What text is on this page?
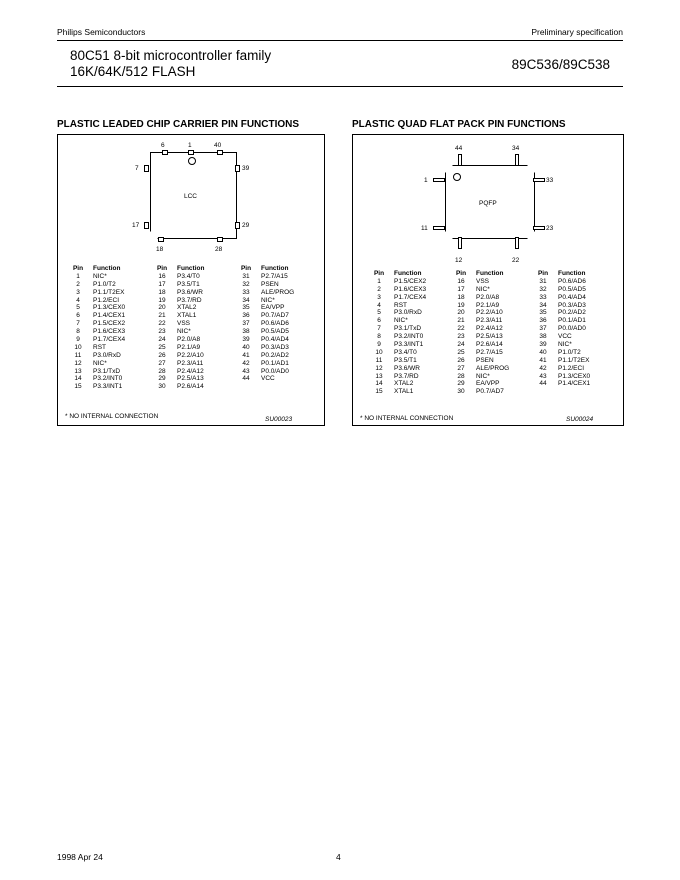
Philips Semiconductors	Preliminary specification
80C51 8-bit microcontroller family
16K/64K/512 FLASH	89C536/89C538
PLASTIC LEADED CHIP CARRIER PIN FUNCTIONS	PLASTIC QUAD FLAT PACK PIN FUNCTIONS
LCC
6	1	40
7
17
39
29
18	28
Pin	Function	Pin	Function	Pin	Function
1	NIC*	16	P3.4/T0	31	P2.7/A15
2	P1.0/T2	17	P3.5/T1	32	PSEN
3	P1.1/T2EX	18	P3.6/WR	33	ALE/PROG
4	P1.2/ECI	19	P3.7/RD	34	NIC*
5	P1.3/CEX0	20	XTAL2	35	EA/VPP
6	P1.4/CEX1	21	XTAL1	36	P0.7/AD7
7	P1.5/CEX2	22	VSS	37	P0.6/AD6
8	P1.6/CEX3	23	NIC*	38	P0.5/AD5
9	P1.7/CEX4	24	P2.0/A8	39	P0.4/AD4
10	RST	25	P2.1/A9	40	P0.3/AD3
11	P3.0/RxD	26	P2.2/A10	41	P0.2/AD2
12	NIC*	27	P2.3/A11	42	P0.1/AD1
13	P3.1/TxD	28	P2.4/A12	43	P0.0/AD0
14	P3.2/INT0	29	P2.5/A13	44	VCC
15	P3.3/INT1	30	P2.6/A14
* NO INTERNAL CONNECTION	SU00023
PQFP
44	34
1
11
33
23
12	22
Pin	Function	Pin	Function	Pin	Function
1	P1.5/CEX2	16	VSS	31	P0.6/AD6
2	P1.6/CEX3	17	NIC*	32	P0.5/AD5
3	P1.7/CEX4	18	P2.0/A8	33	P0.4/AD4
4	RST	19	P2.1/A9	34	P0.3/AD3
5	P3.0/RxD	20	P2.2/A10	35	P0.2/AD2
6	NIC*	21	P2.3/A11	36	P0.1/AD1
7	P3.1/TxD	22	P2.4/A12	37	P0.0/AD0
8	P3.2/INT0	23	P2.5/A13	38	VCC
9	P3.3/INT1	24	P2.6/A14	39	NIC*
10	P3.4/T0	25	P2.7/A15	40	P1.0/T2
11	P3.5/T1	26	PSEN	41	P1.1/T2EX
12	P3.6/WR	27	ALE/PROG	42	P1.2/ECI
13	P3.7/RD	28	NIC*	43	P1.3/CEX0
14	XTAL2	29	EA/VPP	44	P1.4/CEX1
15	XTAL1	30	P0.7/AD7
* NO INTERNAL CONNECTION	SU00024
1998 Apr 24	4
